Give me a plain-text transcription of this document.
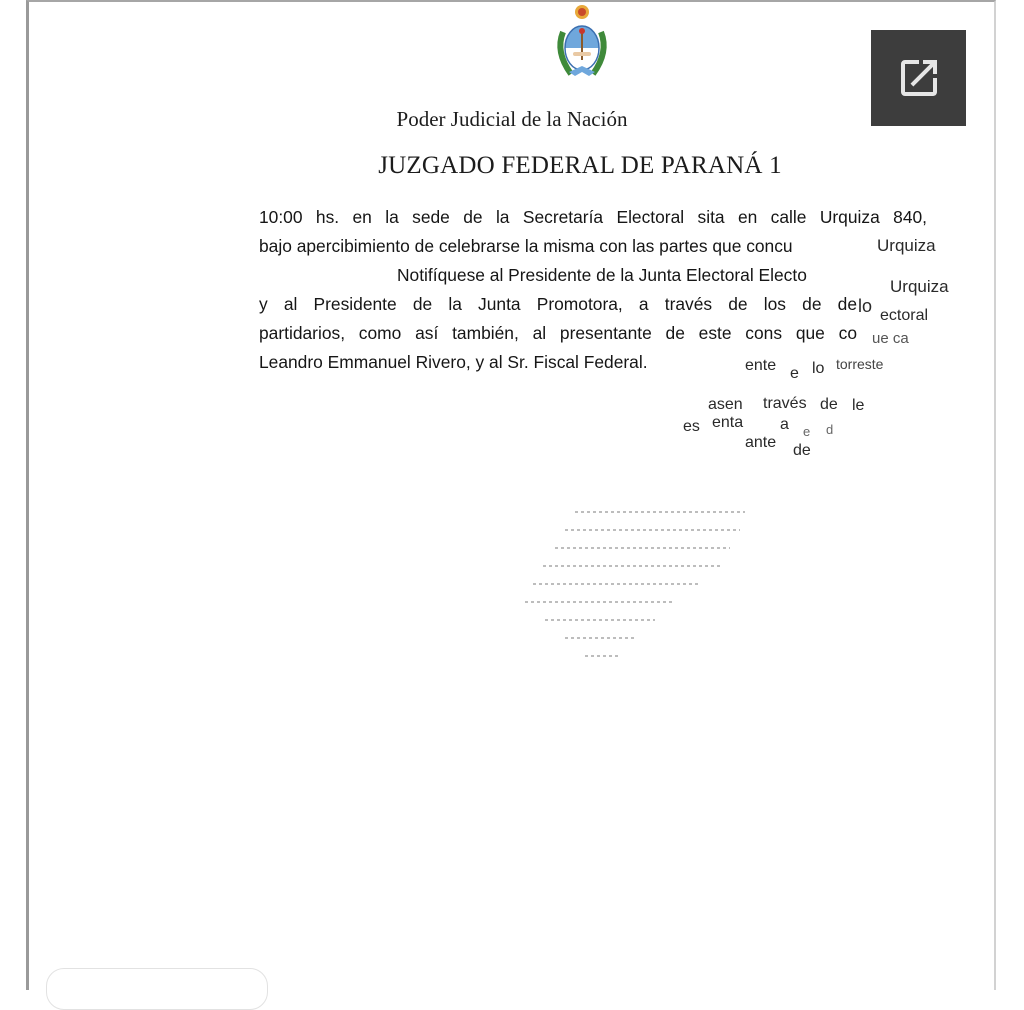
Poder Judicial de la Nación
JUZGADO FEDERAL DE PARANÁ 1
10:00 hs. en la sede de la Secretaría Electoral sita en calle Urquiza 840,
bajo apercibimiento de celebrarse la misma con las partes que concu
Notifíquese al Presidente de la Junta Electoral Electo
y al Presidente de la Junta Promotora, a través de los de de
partidarios, como así también, al presentante de este cons que co
Leandro Emmanuel Rivero, y al Sr. Fiscal Federal.
Urquiza
Urquiza
lo ectoral
ue ca
ente e lo torreste
asen través de le
es enta a e d
ante de
